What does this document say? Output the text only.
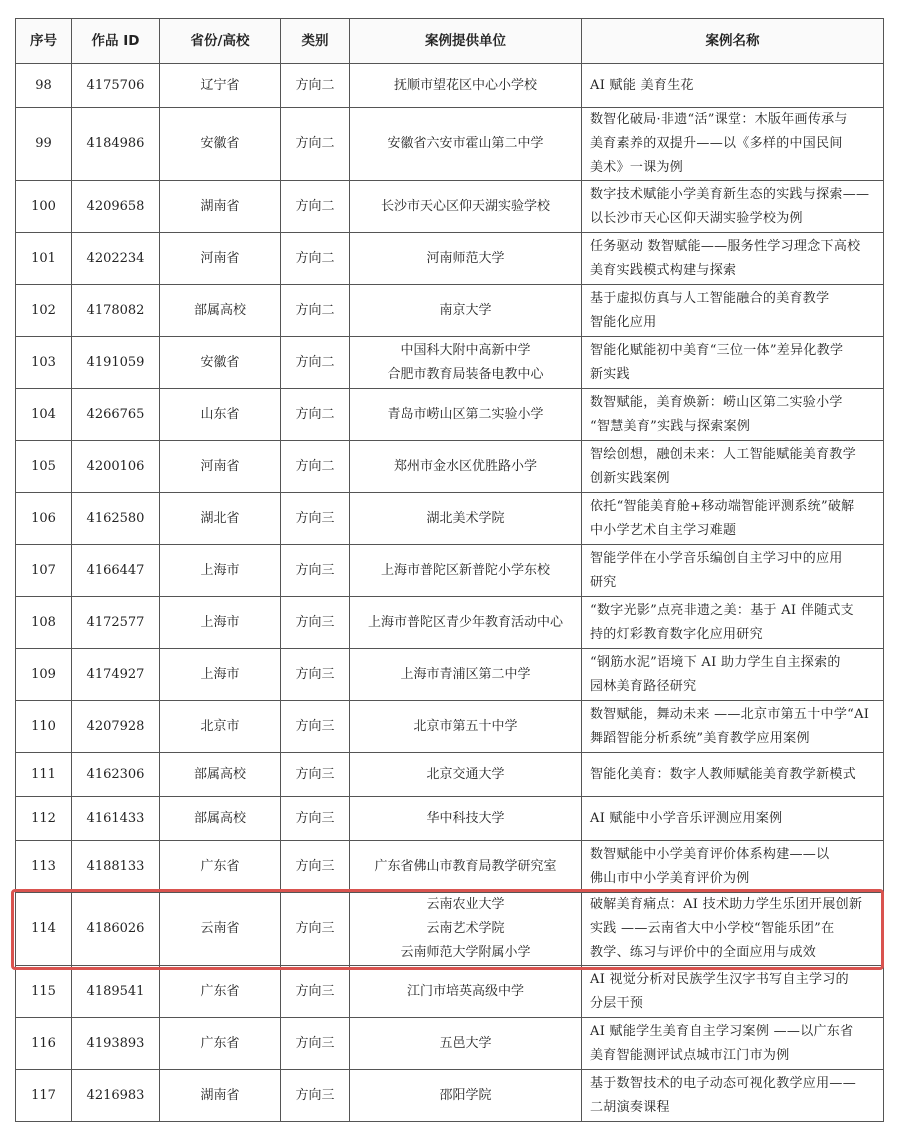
序号	作品 ID	省份/高校	类别	案例提供单位	案例名称
98	4175706	辽宁省	方向二	抚顺市望花区中心小学校	AI 赋能 美育生花

99	4184986	安徽省	方向二	安徽省六安市霍山第二中学	数智化破局·非遗“活”课堂：木版年画传承与
美育素养的双提升——以《多样的中国民间
美术》一课为例

100	4209658	湖南省	方向二	长沙市天心区仰天湖实验学校	数字技术赋能小学美育新生态的实践与探索——
以长沙市天心区仰天湖实验学校为例

101	4202234	河南省	方向二	河南师范大学	任务驱动 数智赋能——服务性学习理念下高校
美育实践模式构建与探索

102	4178082	部属高校	方向二	南京大学	基于虚拟仿真与人工智能融合的美育教学
智能化应用

103	4191059	安徽省	方向二	中国科大附中高新中学
合肥市教育局装备电教中心	智能化赋能初中美育“三位一体”差异化教学
新实践

104	4266765	山东省	方向二	青岛市崂山区第二实验小学	数智赋能，美育焕新：崂山区第二实验小学
“智慧美育”实践与探索案例

105	4200106	河南省	方向二	郑州市金水区优胜路小学	智绘创想，融创未来：人工智能赋能美育教学
创新实践案例

106	4162580	湖北省	方向三	湖北美术学院	依托“智能美育舱+移动端智能评测系统”破解
中小学艺术自主学习难题

107	4166447	上海市	方向三	上海市普陀区新普陀小学东校	智能学伴在小学音乐编创自主学习中的应用
研究

108	4172577	上海市	方向三	上海市普陀区青少年教育活动中心	“数字光影”点亮非遗之美：基于 AI 伴随式支
持的灯彩教育数字化应用研究

109	4174927	上海市	方向三	上海市青浦区第二中学	“钢筋水泥”语境下 AI 助力学生自主探索的
园林美育路径研究

110	4207928	北京市	方向三	北京市第五十中学	数智赋能，舞动未来 ——北京市第五十中学“AI
舞蹈智能分析系统”美育教学应用案例

111	4162306	部属高校	方向三	北京交通大学	智能化美育：数字人教师赋能美育教学新模式

112	4161433	部属高校	方向三	华中科技大学	AI 赋能中小学音乐评测应用案例

113	4188133	广东省	方向三	广东省佛山市教育局教学研究室	数智赋能中小学美育评价体系构建——以
佛山市中小学美育评价为例

114	4186026	云南省	方向三	云南农业大学
云南艺术学院
云南师范大学附属小学	破解美育痛点：AI 技术助力学生乐团开展创新
实践 ——云南省大中小学校“智能乐团”在
教学、练习与评价中的全面应用与成效

115	4189541	广东省	方向三	江门市培英高级中学	AI 视觉分析对民族学生汉字书写自主学习的
分层干预

116	4193893	广东省	方向三	五邑大学	AI 赋能学生美育自主学习案例 ——以广东省
美育智能测评试点城市江门市为例

117	4216983	湖南省	方向三	邵阳学院	基于数智技术的电子动态可视化教学应用——
二胡演奏课程
